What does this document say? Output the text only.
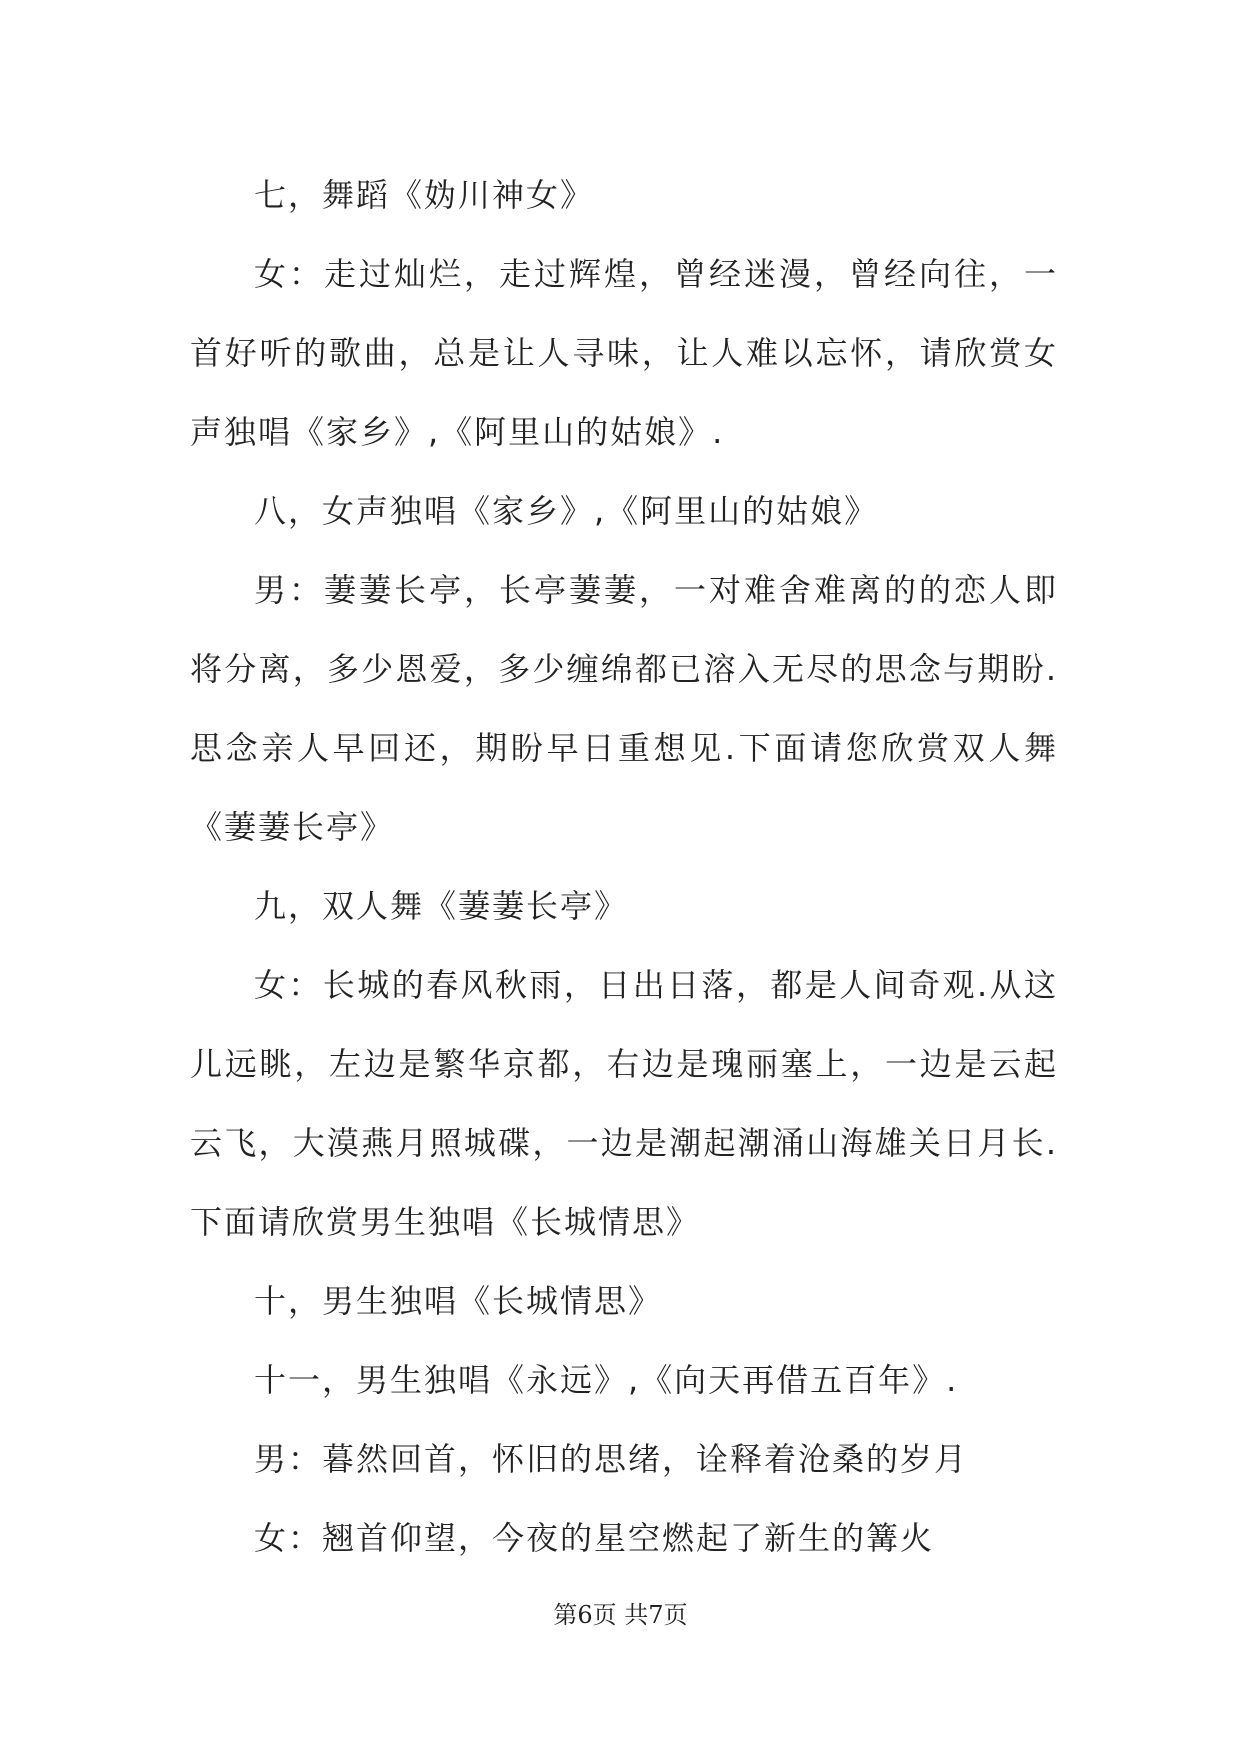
七，舞蹈《妫川神女》

女：走过灿烂，走过辉煌，曾经迷漫，曾经向往，一首好听的歌曲，总是让人寻味，让人难以忘怀，请欣赏女声独唱《家乡》,《阿里山的姑娘》.

八，女声独唱《家乡》,《阿里山的姑娘》

男：萋萋长亭，长亭萋萋，一对难舍难离的的恋人即将分离，多少恩爱，多少缠绵都已溶入无尽的思念与期盼.思念亲人早回还，期盼早日重想见.下面请您欣赏双人舞《萋萋长亭》

九，双人舞《萋萋长亭》

女：长城的春风秋雨，日出日落，都是人间奇观.从这儿远眺，左边是繁华京都，右边是瑰丽塞上，一边是云起云飞，大漠燕月照城碟，一边是潮起潮涌山海雄关日月长.下面请欣赏男生独唱《长城情思》

十，男生独唱《长城情思》

十一，男生独唱《永远》,《向天再借五百年》.

男：暮然回首，怀旧的思绪，诠释着沧桑的岁月

女：翘首仰望，今夜的星空燃起了新生的篝火

第6页 共7页
